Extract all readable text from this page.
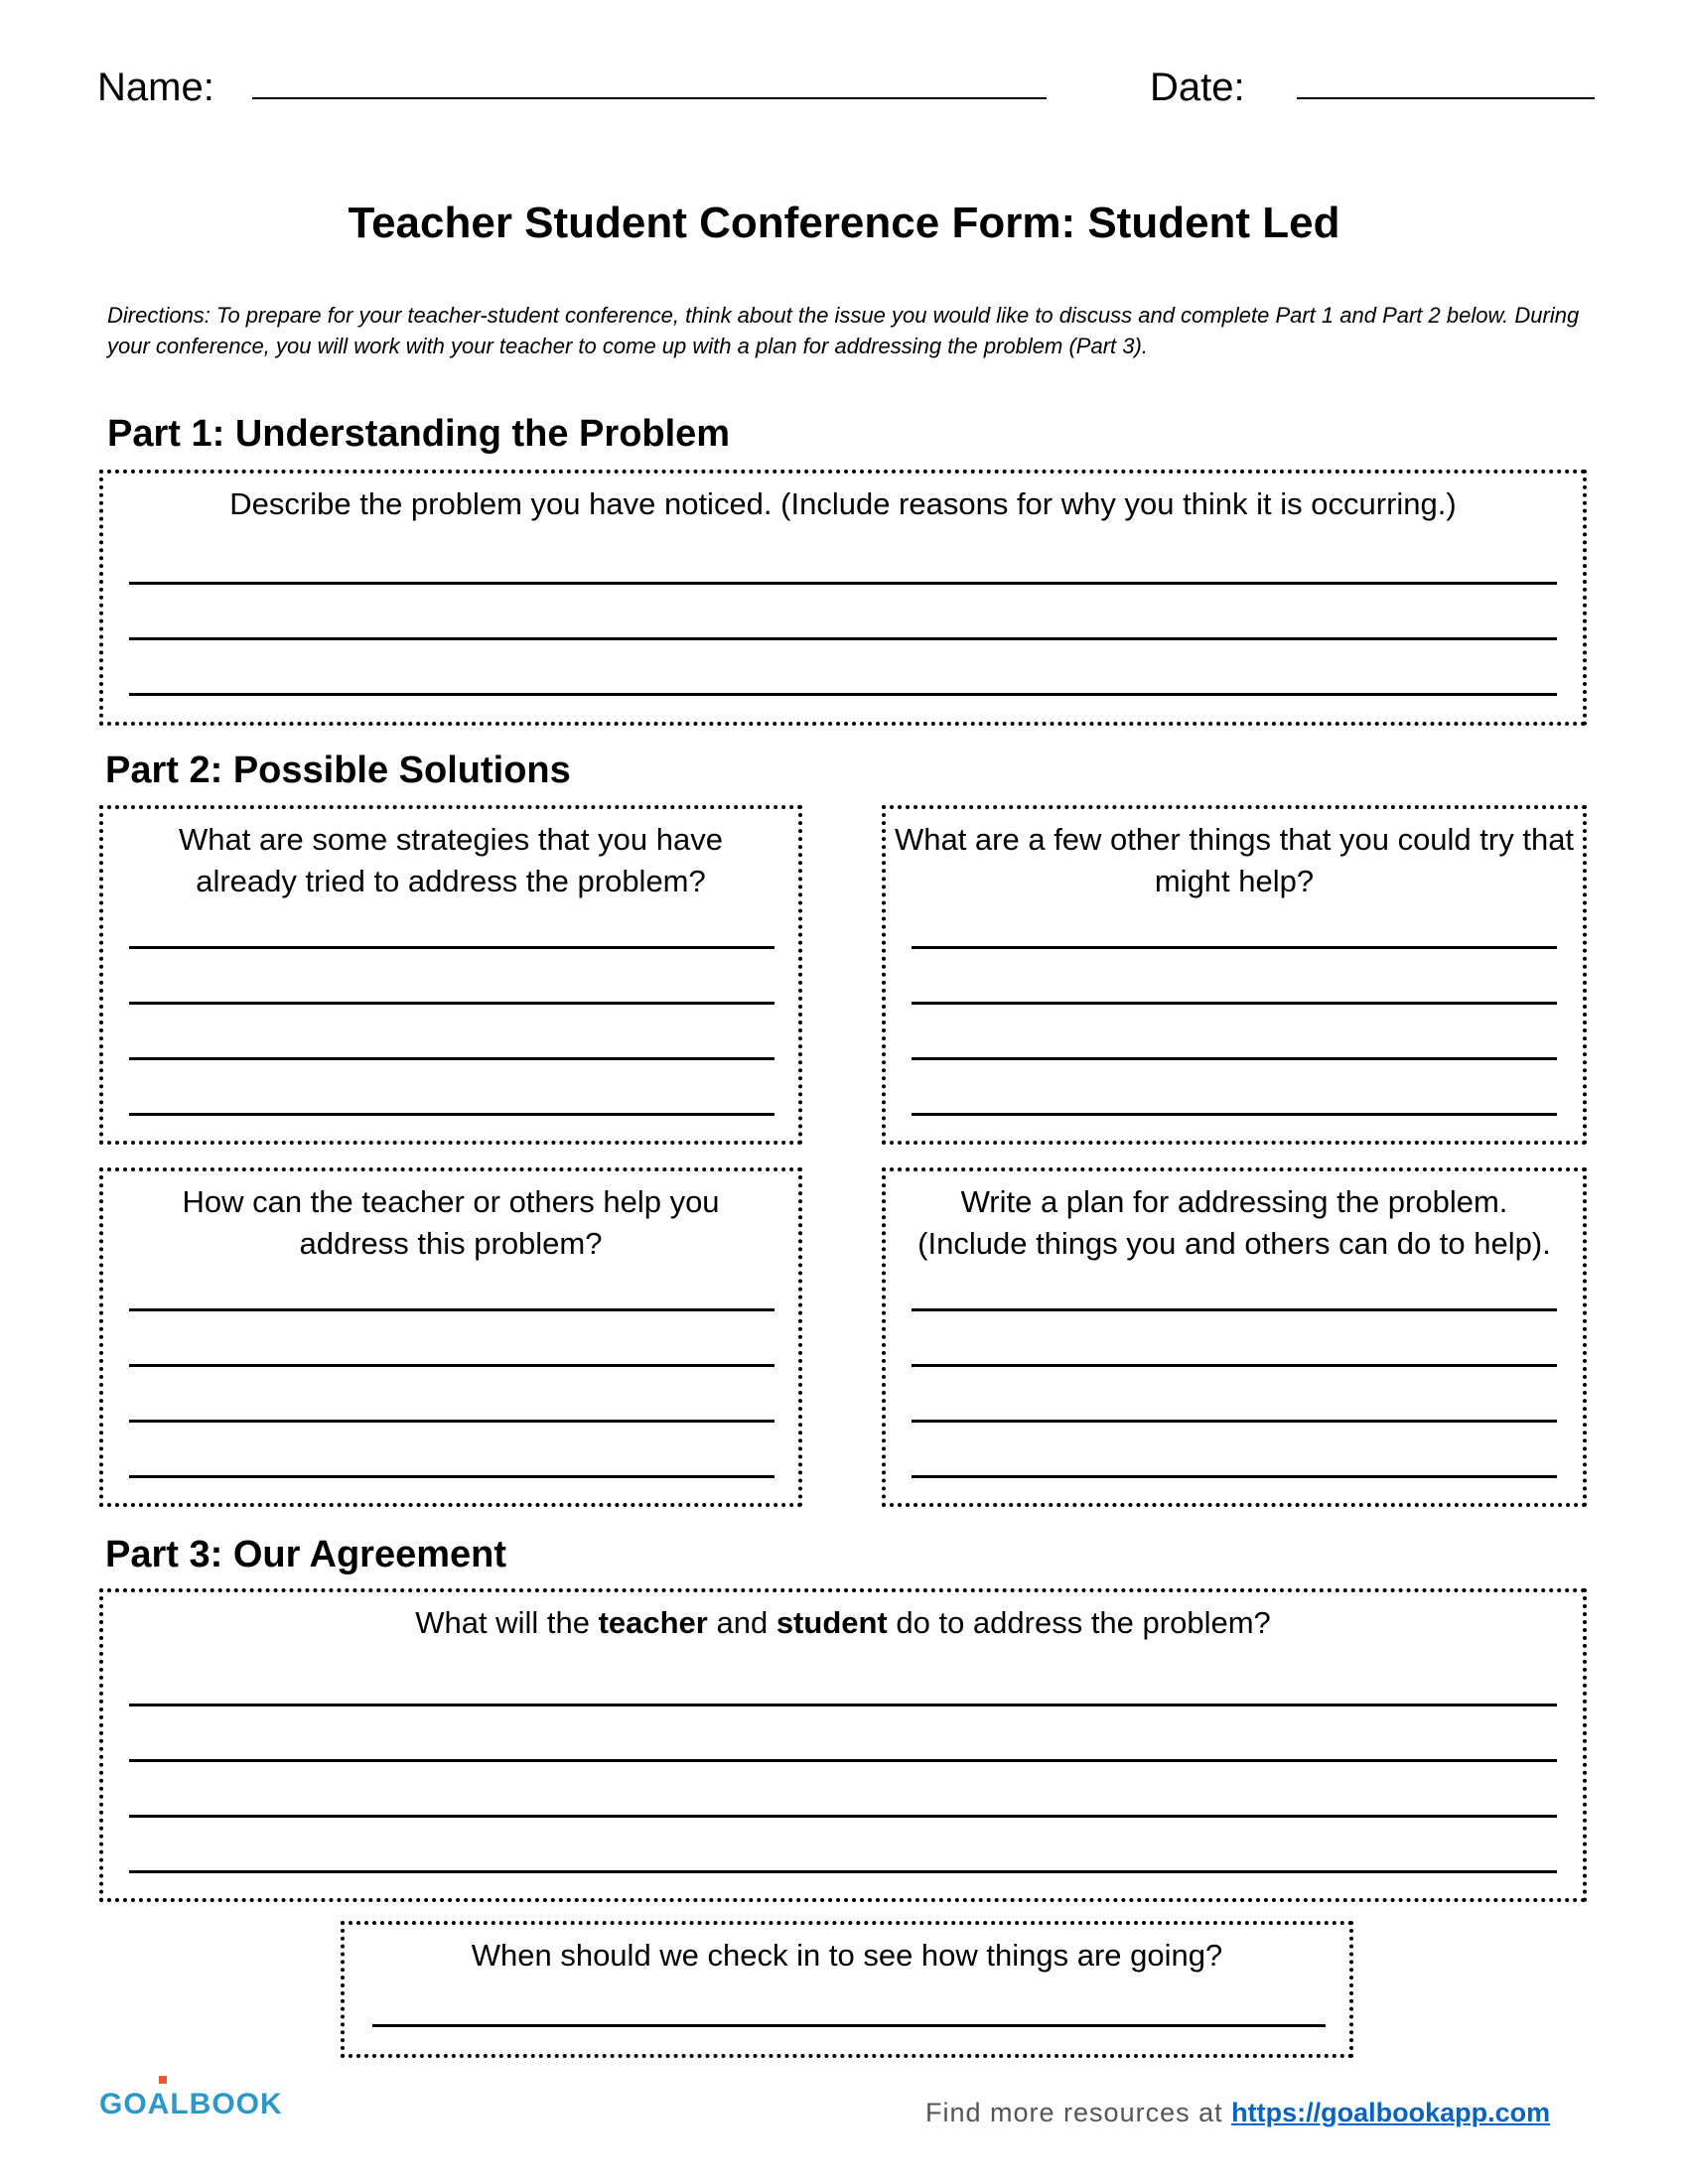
Name:	Date:
Teacher Student Conference Form: Student Led
Directions: To prepare for your teacher-student conference, think about the issue you would like to discuss and complete Part 1 and Part 2 below. During your conference, you will work with your teacher to come up with a plan for addressing the problem (Part 3).
Part 1: Understanding the Problem
Describe the problem you have noticed. (Include reasons for why you think it is occurring.)
Part 2: Possible Solutions
What are some strategies that you have already tried to address the problem?
What are a few other things that you could try that might help?
How can the teacher or others help you address this problem?
Write a plan for addressing the problem.
(Include things you and others can do to help).
Part 3: Our Agreement
What will the teacher and student do to address the problem?
When should we check in to see how things are going?
GOALBOOK	Find more resources at https://goalbookapp.com
